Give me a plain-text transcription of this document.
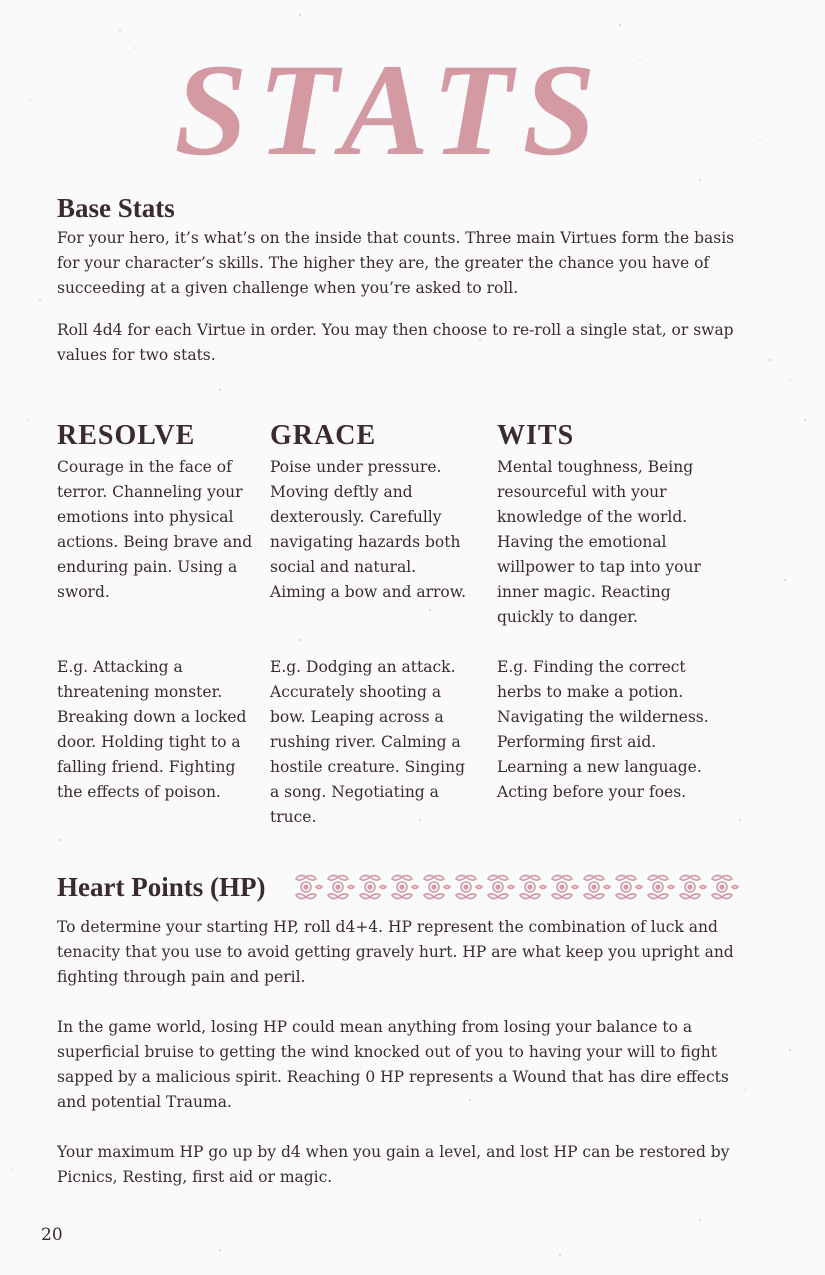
STATS
Base Stats

For your hero, it’s what’s on the inside that counts. Three main Virtues form the basis for your character’s skills. The higher they are, the greater the chance you have of succeeding at a given challenge when you’re asked to roll.

Roll 4d4 for each Virtue in order. You may then choose to re-roll a single stat, or swap values for two stats.

RESOLVE

Courage in the face of terror. Channeling your emotions into physical actions. Being brave and enduring pain. Using a sword.

E.g. Attacking a threatening monster. Breaking down a locked door. Holding tight to a falling friend. Fighting the effects of poison.

GRACE

Poise under pressure. Moving deftly and dexterously. Carefully navigating hazards both social and natural. Aiming a bow and arrow.

E.g. Dodging an attack. Accurately shooting a bow. Leaping across a rushing river. Calming a hostile creature. Singing a song. Negotiating a truce.

WITS

Mental toughness, Being resourceful with your knowledge of the world. Having the emotional willpower to tap into your inner magic. Reacting quickly to danger.

E.g. Finding the correct herbs to make a potion. Navigating the wilderness. Performing first aid. Learning a new language. Acting before your foes.

Heart Points (HP)

To determine your starting HP, roll d4+4. HP represent the combination of luck and tenacity that you use to avoid getting gravely hurt. HP are what keep you upright and fighting through pain and peril.

In the game world, losing HP could mean anything from losing your balance to a superficial bruise to getting the wind knocked out of you to having your will to fight sapped by a malicious spirit. Reaching 0 HP represents a Wound that has dire effects and potential Trauma.

Your maximum HP go up by d4 when you gain a level, and lost HP can be restored by Picnics, Resting, first aid or magic.

20
